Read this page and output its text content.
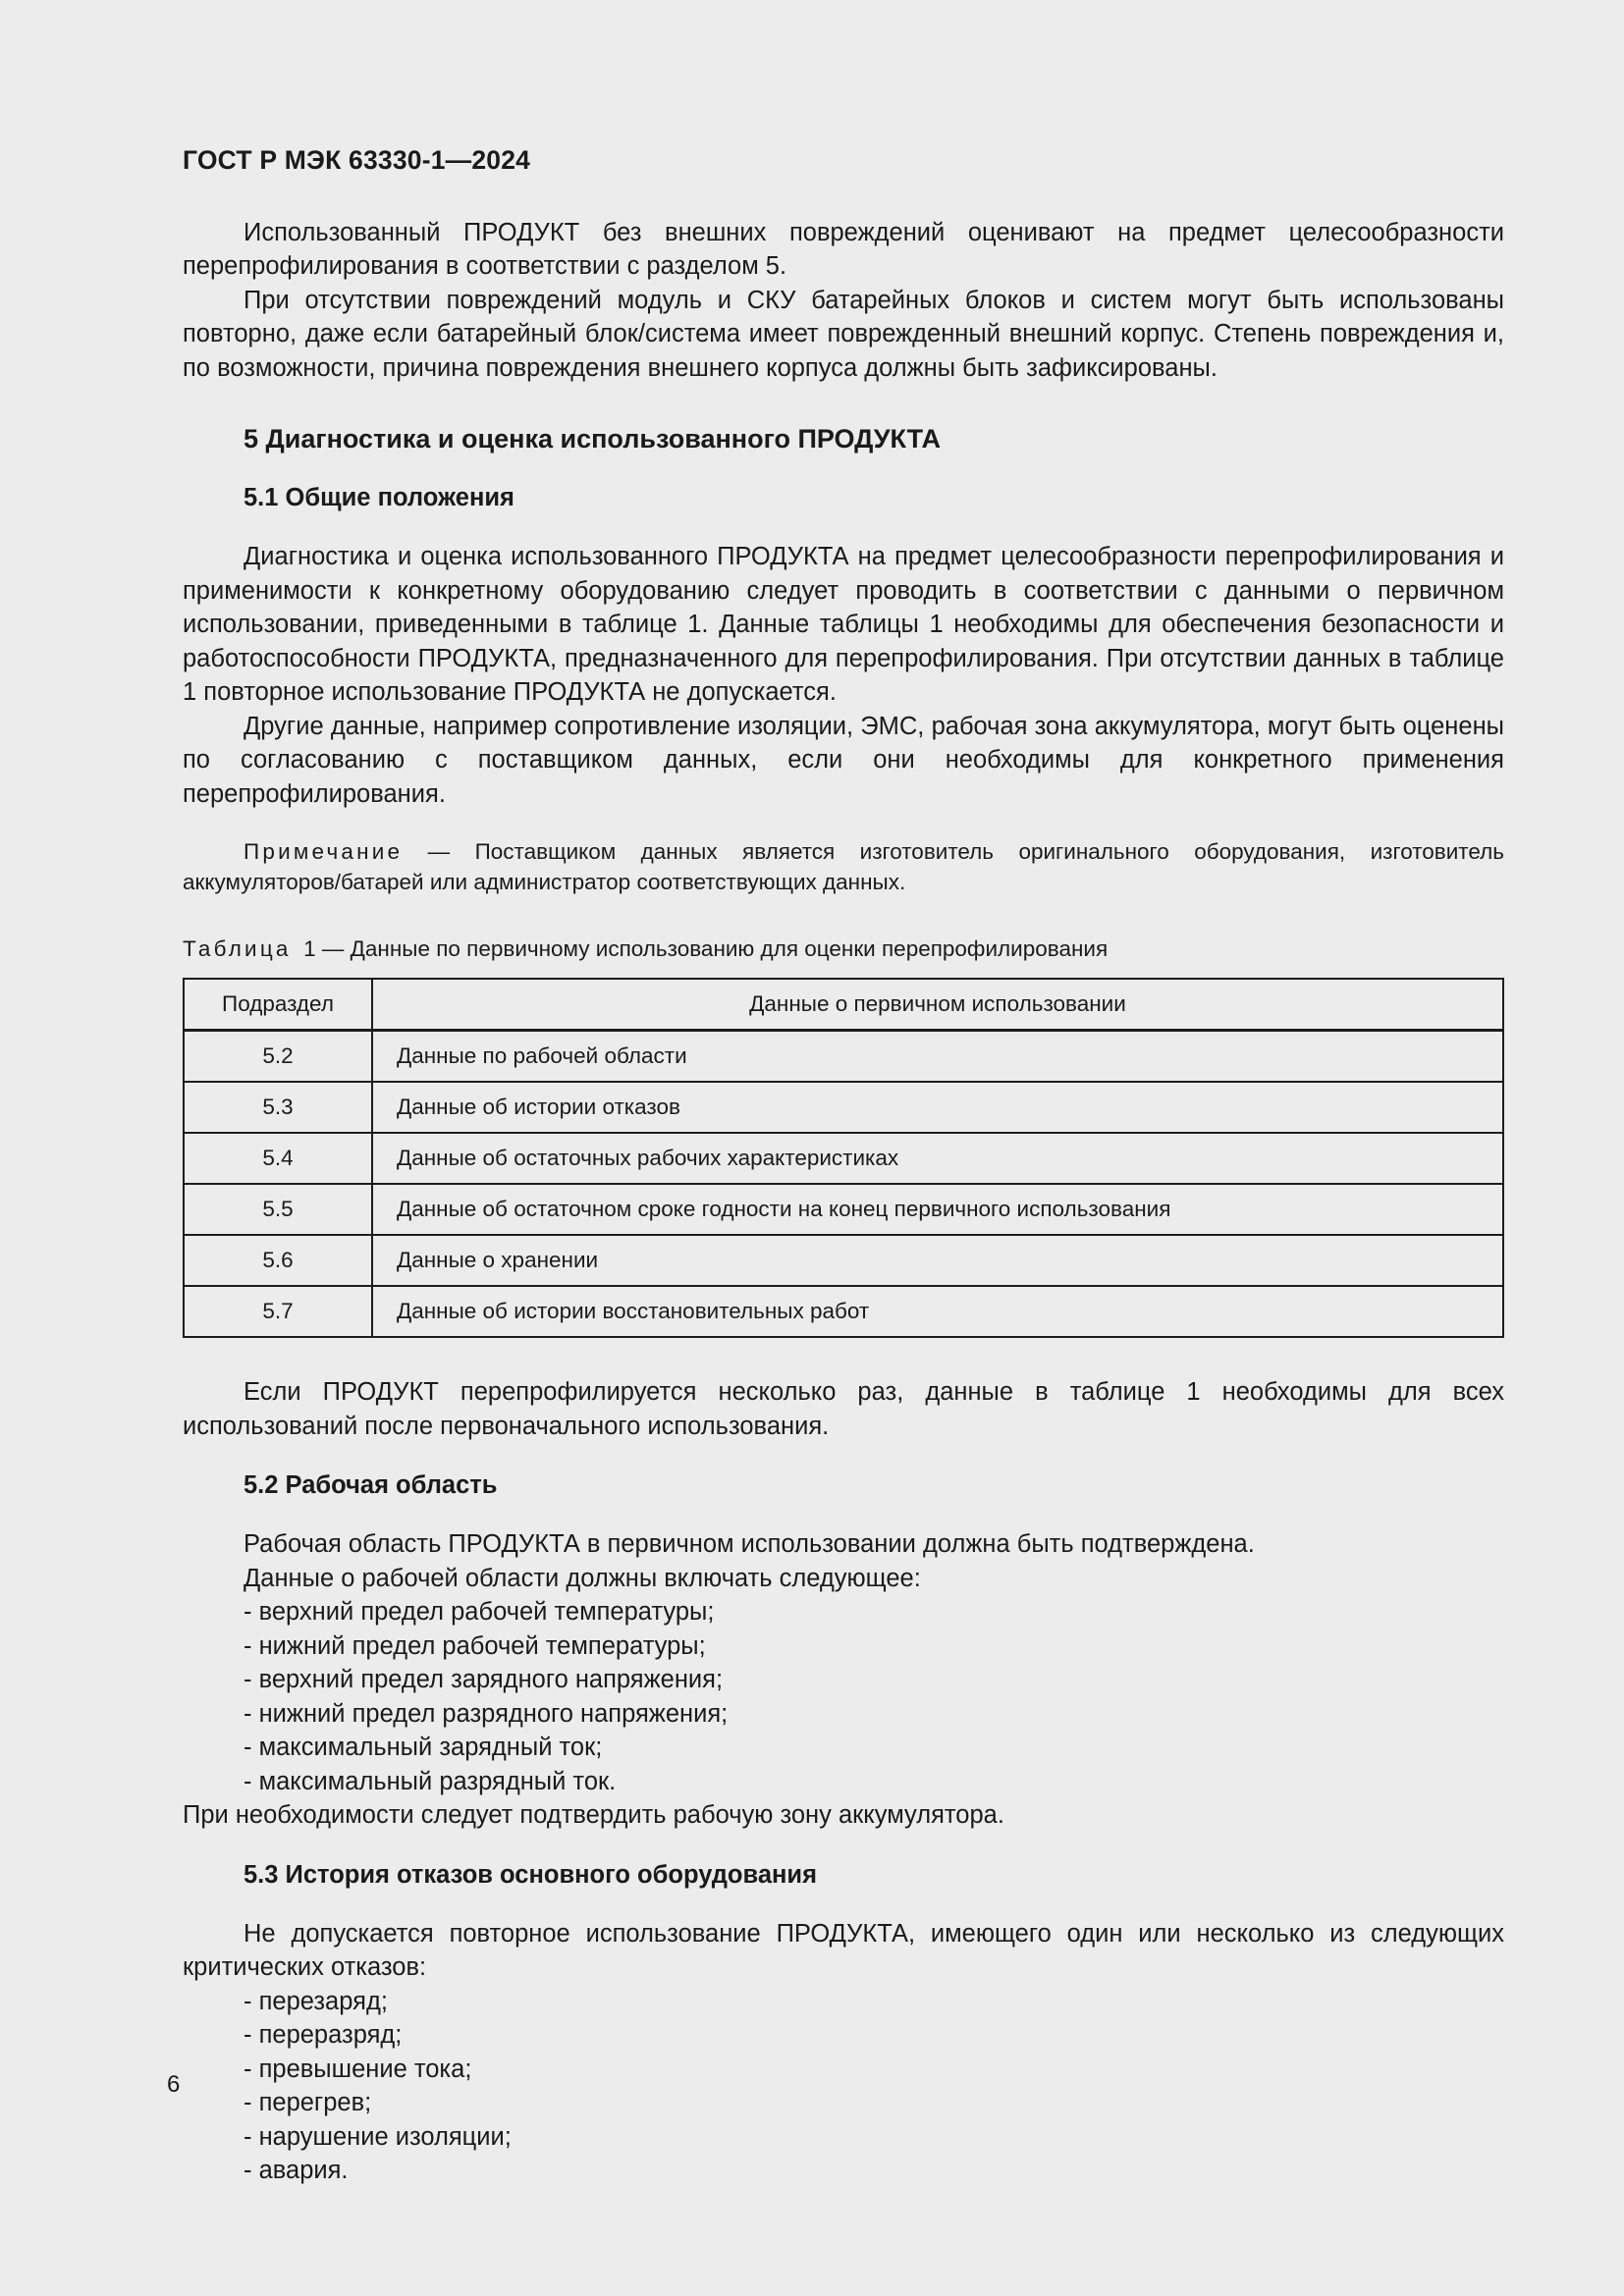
ГОСТ Р МЭК 63330-1—2024

Использованный ПРОДУКТ без внешних повреждений оценивают на предмет целесообразности перепрофилирования в соответствии с разделом 5.

При отсутствии повреждений модуль и СКУ батарейных блоков и систем могут быть использованы повторно, даже если батарейный блок/система имеет поврежденный внешний корпус. Степень повреждения и, по возможности, причина повреждения внешнего корпуса должны быть зафиксированы.

5 Диагностика и оценка использованного ПРОДУКТА
5.1 Общие положения

Диагностика и оценка использованного ПРОДУКТА на предмет целесообразности перепрофилирования и применимости к конкретному оборудованию следует проводить в соответствии с данными о первичном использовании, приведенными в таблице 1. Данные таблицы 1 необходимы для обеспечения безопасности и работоспособности ПРОДУКТА, предназначенного для перепрофилирования. При отсутствии данных в таблице 1 повторное использование ПРОДУКТА не допускается.

Другие данные, например сопротивление изоляции, ЭМС, рабочая зона аккумулятора, могут быть оценены по согласованию с поставщиком данных, если они необходимы для конкретного применения перепрофилирования.

Примечание — Поставщиком данных является изготовитель оригинального оборудования, изготовитель аккумуляторов/батарей или администратор соответствующих данных.

Таблица 1 — Данные по первичному использованию для оценки перепрофилирования

Подраздел	Данные о первичном использовании
5.2	Данные по рабочей области
5.3	Данные об истории отказов
5.4	Данные об остаточных рабочих характеристиках
5.5	Данные об остаточном сроке годности на конец первичного использования
5.6	Данные о хранении
5.7	Данные об истории восстановительных работ

Если ПРОДУКТ перепрофилируется несколько раз, данные в таблице 1 необходимы для всех использований после первоначального использования.

5.2 Рабочая область

Рабочая область ПРОДУКТА в первичном использовании должна быть подтверждена.

Данные о рабочей области должны включать следующее:

- верхний предел рабочей температуры;
- нижний предел рабочей температуры;
- верхний предел зарядного напряжения;
- нижний предел разрядного напряжения;
- максимальный зарядный ток;
- максимальный разрядный ток.

При необходимости следует подтвердить рабочую зону аккумулятора.

5.3 История отказов основного оборудования

Не допускается повторное использование ПРОДУКТА, имеющего один или несколько из следующих критических отказов:

- перезаряд;
- переразряд;
- превышение тока;
- перегрев;
- нарушение изоляции;
- авария.
6
